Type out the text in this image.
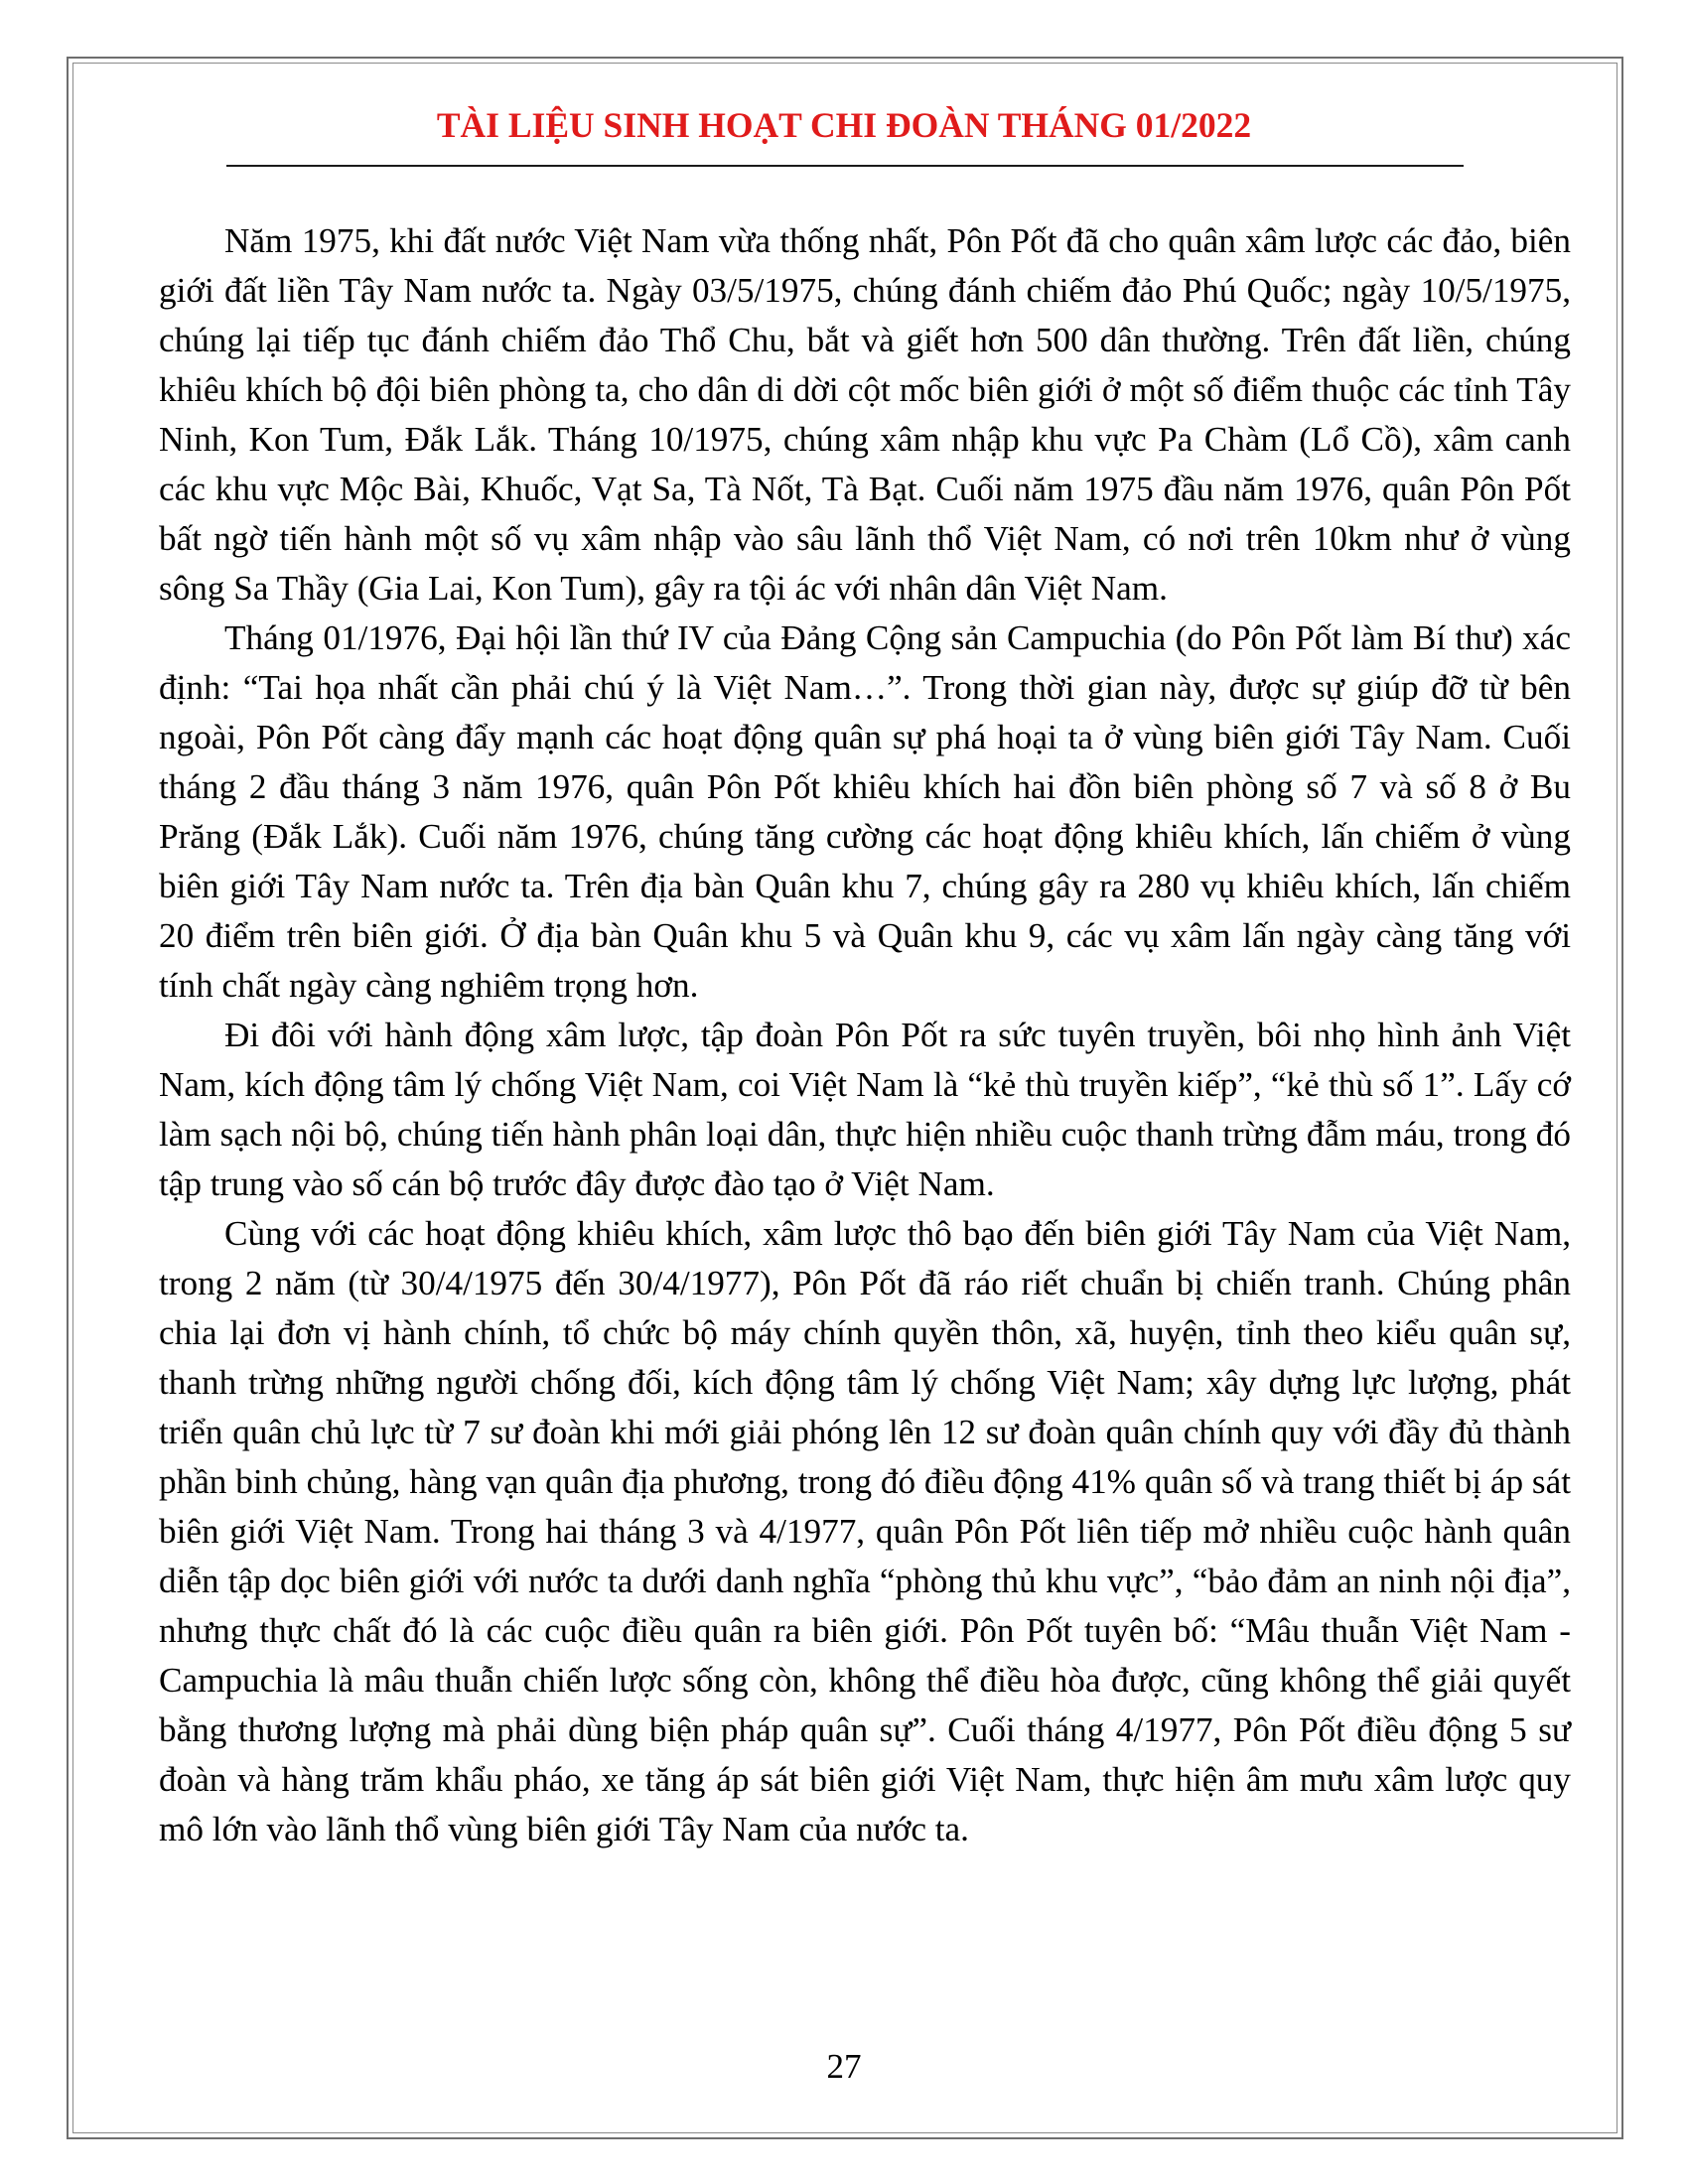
TÀI LIỆU SINH HOẠT CHI ĐOÀN THÁNG 01/2022

Năm 1975, khi đất nước Việt Nam vừa thống nhất, Pôn Pốt đã cho quân xâm lược các đảo, biên giới đất liền Tây Nam nước ta. Ngày 03/5/1975, chúng đánh chiếm đảo Phú Quốc; ngày 10/5/1975, chúng lại tiếp tục đánh chiếm đảo Thổ Chu, bắt và giết hơn 500 dân thường. Trên đất liền, chúng khiêu khích bộ đội biên phòng ta, cho dân di dời cột mốc biên giới ở một số điểm thuộc các tỉnh Tây Ninh, Kon Tum, Đắk Lắk. Tháng 10/1975, chúng xâm nhập khu vực Pa Chàm (Lổ Cồ), xâm canh các khu vực Mộc Bài, Khuốc, Vạt Sa, Tà Nốt, Tà Bạt. Cuối năm 1975 đầu năm 1976, quân Pôn Pốt bất ngờ tiến hành một số vụ xâm nhập vào sâu lãnh thổ Việt Nam, có nơi trên 10km như ở vùng sông Sa Thầy (Gia Lai, Kon Tum), gây ra tội ác với nhân dân Việt Nam.

Tháng 01/1976, Đại hội lần thứ IV của Đảng Cộng sản Campuchia (do Pôn Pốt làm Bí thư) xác định: “Tai họa nhất cần phải chú ý là Việt Nam…”. Trong thời gian này, được sự giúp đỡ từ bên ngoài, Pôn Pốt càng đẩy mạnh các hoạt động quân sự phá hoại ta ở vùng biên giới Tây Nam. Cuối tháng 2 đầu tháng 3 năm 1976, quân Pôn Pốt khiêu khích hai đồn biên phòng số 7 và số 8 ở Bu Prăng (Đắk Lắk). Cuối năm 1976, chúng tăng cường các hoạt động khiêu khích, lấn chiếm ở vùng biên giới Tây Nam nước ta. Trên địa bàn Quân khu 7, chúng gây ra 280 vụ khiêu khích, lấn chiếm 20 điểm trên biên giới. Ở địa bàn Quân khu 5 và Quân khu 9, các vụ xâm lấn ngày càng tăng với tính chất ngày càng nghiêm trọng hơn.

Đi đôi với hành động xâm lược, tập đoàn Pôn Pốt ra sức tuyên truyền, bôi nhọ hình ảnh Việt Nam, kích động tâm lý chống Việt Nam, coi Việt Nam là “kẻ thù truyền kiếp”, “kẻ thù số 1”. Lấy cớ làm sạch nội bộ, chúng tiến hành phân loại dân, thực hiện nhiều cuộc thanh trừng đẫm máu, trong đó tập trung vào số cán bộ trước đây được đào tạo ở Việt Nam.

Cùng với các hoạt động khiêu khích, xâm lược thô bạo đến biên giới Tây Nam của Việt Nam, trong 2 năm (từ 30/4/1975 đến 30/4/1977), Pôn Pốt đã ráo riết chuẩn bị chiến tranh. Chúng phân chia lại đơn vị hành chính, tổ chức bộ máy chính quyền thôn, xã, huyện, tỉnh theo kiểu quân sự, thanh trừng những người chống đối, kích động tâm lý chống Việt Nam; xây dựng lực lượng, phát triển quân chủ lực từ 7 sư đoàn khi mới giải phóng lên 12 sư đoàn quân chính quy với đầy đủ thành phần binh chủng, hàng vạn quân địa phương, trong đó điều động 41% quân số và trang thiết bị áp sát biên giới Việt Nam. Trong hai tháng 3 và 4/1977, quân Pôn Pốt liên tiếp mở nhiều cuộc hành quân diễn tập dọc biên giới với nước ta dưới danh nghĩa “phòng thủ khu vực”, “bảo đảm an ninh nội địa”, nhưng thực chất đó là các cuộc điều quân ra biên giới. Pôn Pốt tuyên bố: “Mâu thuẫn Việt Nam - Campuchia là mâu thuẫn chiến lược sống còn, không thể điều hòa được, cũng không thể giải quyết bằng thương lượng mà phải dùng biện pháp quân sự”. Cuối tháng 4/1977, Pôn Pốt điều động 5 sư đoàn và hàng trăm khẩu pháo, xe tăng áp sát biên giới Việt Nam, thực hiện âm mưu xâm lược quy mô lớn vào lãnh thổ vùng biên giới Tây Nam của nước ta.

27
